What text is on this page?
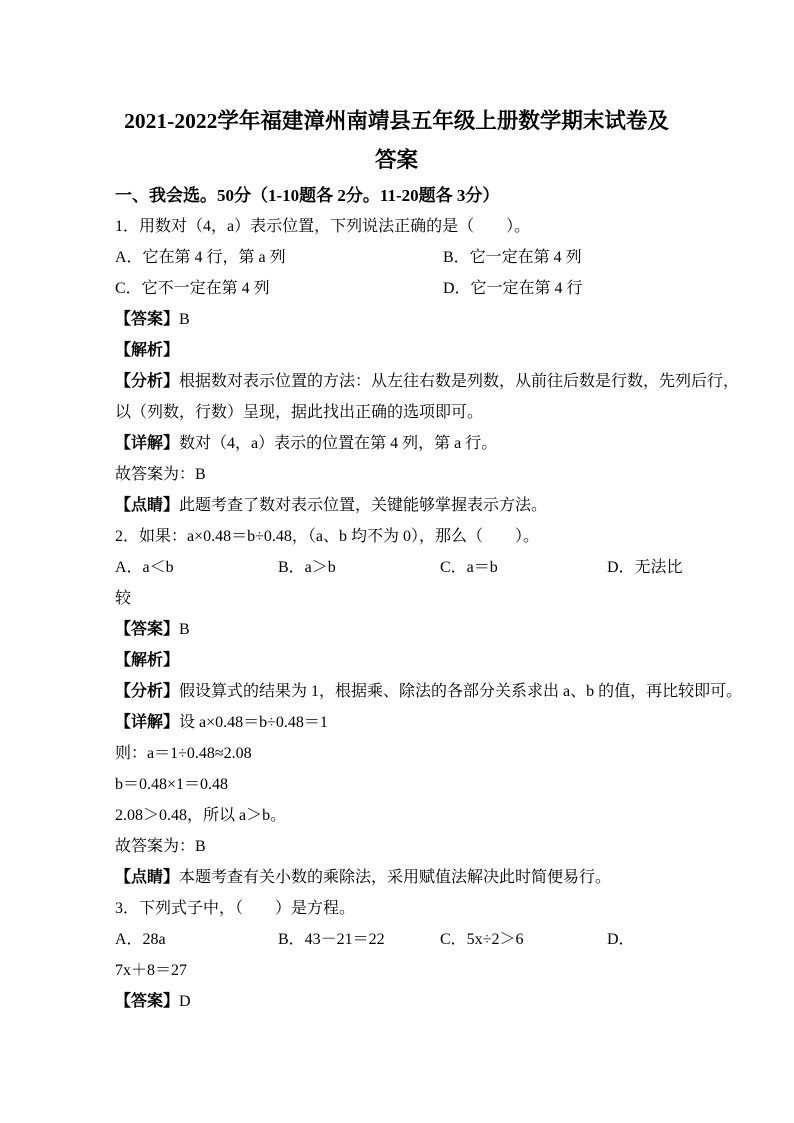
2021-2022学年福建漳州南靖县五年级上册数学期末试卷及
答案
一、我会选。50分（1-10题各 2分。11-20题各 3分）
1．用数对（4，a）表示位置，下列说法正确的是（　　）。
A．它在第 4 行，第 a 列	B．它一定在第 4 列
C．它不一定在第 4 列	D．它一定在第 4 行
【答案】B
【解析】
【分析】根据数对表示位置的方法：从左往右数是列数，从前往后数是行数，先列后行，
以（列数，行数）呈现，据此找出正确的选项即可。
【详解】数对（4，a）表示的位置在第 4 列，第 a 行。
故答案为：B
【点睛】此题考查了数对表示位置，关键能够掌握表示方法。
2．如果：a×0.48＝b÷0.48，（a、b 均不为 0），那么（　　）。
A．a＜b	B．a＞b	C．a＝b	D．无法比
较
【答案】B
【解析】
【分析】假设算式的结果为 1，根据乘、除法的各部分关系求出 a、b 的值，再比较即可。
【详解】设 a×0.48＝b÷0.48＝1
则：a＝1÷0.48≈2.08
b＝0.48×1＝0.48
2.08＞0.48，所以 a＞b。
故答案为：B
【点睛】本题考查有关小数的乘除法，采用赋值法解决此时简便易行。
3．下列式子中，（　　）是方程。
A．28a	B．43－21＝22	C．5x÷2＞6	D．
7x＋8＝27
【答案】D
